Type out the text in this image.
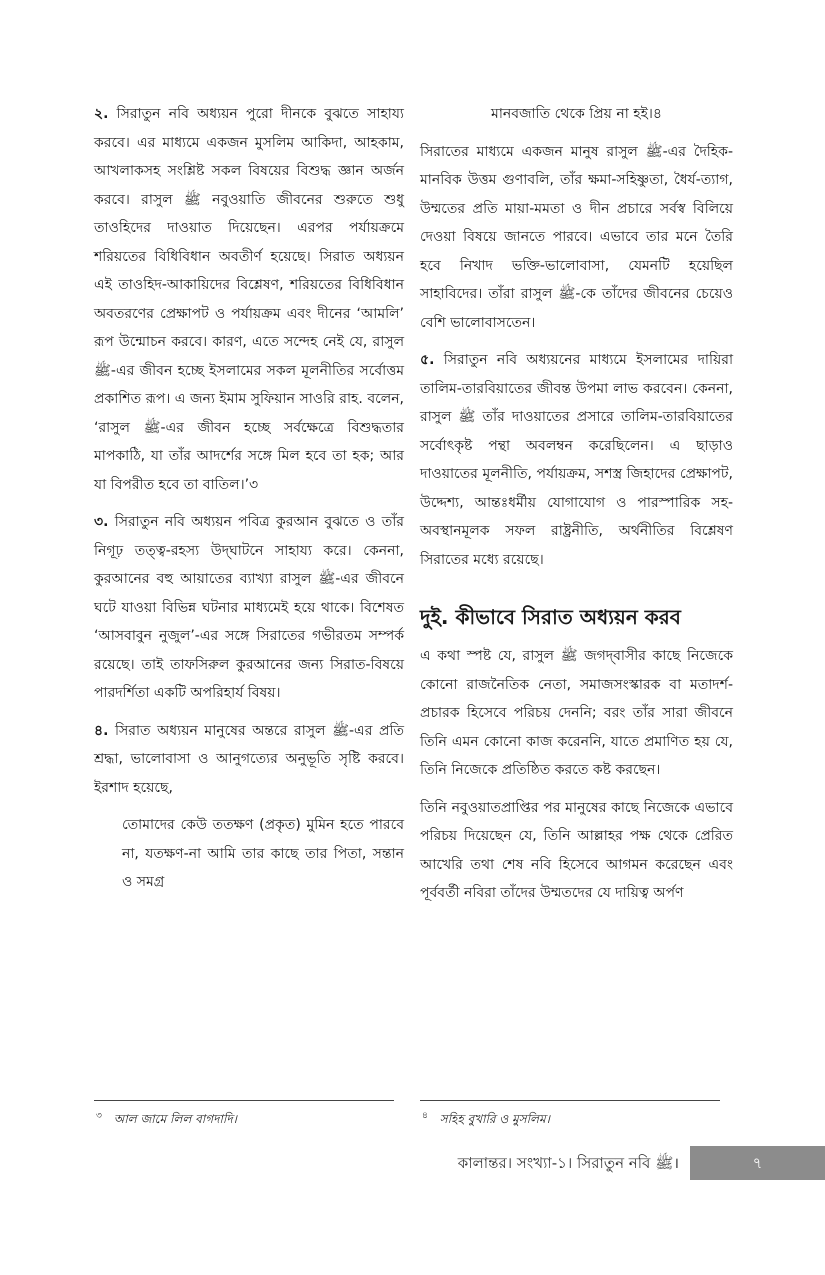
২. সিরাতুন নবি অধ্যয়ন পুরো দীনকে বুঝতে সাহায্য করবে। এর মাধ্যমে একজন মুসলিম আকিদা, আহকাম, আখলাকসহ সংশ্লিষ্ট সকল বিষয়ের বিশুদ্ধ জ্ঞান অর্জন করবে। রাসুল ﷺ নবুওয়াতি জীবনের শুরুতে শুধু তাওহিদের দাওয়াত দিয়েছেন। এরপর পর্যায়ক্রমে শরিয়তের বিধিবিধান অবতীর্ণ হয়েছে। সিরাত অধ্যয়ন এই তাওহিদ-আকায়িদের বিশ্লেষণ, শরিয়তের বিধিবিধান অবতরণের প্রেক্ষাপট ও পর্যায়ক্রম এবং দীনের ‘আমলি’ রূপ উন্মোচন করবে। কারণ, এতে সন্দেহ নেই যে, রাসুল ﷺ-এর জীবন হচ্ছে ইসলামের সকল মূলনীতির সর্বোত্তম প্রকাশিত রূপ। এ জন্য ইমাম সুফিয়ান সাওরি রাহ. বলেন, ‘রাসুল ﷺ-এর জীবন হচ্ছে সর্বক্ষেত্রে বিশুদ্ধতার মাপকাঠি, যা তাঁর আদর্শের সঙ্গে মিল হবে তা হক; আর যা বিপরীত হবে তা বাতিল।’৩

৩. সিরাতুন নবি অধ্যয়ন পবিত্র কুরআন বুঝতে ও তাঁর নিগূঢ় তত্ত্ব-রহস্য উদ্‌ঘাটনে সাহায্য করে। কেননা, কুরআনের বহু আয়াতের ব্যাখ্যা রাসুল ﷺ-এর জীবনে ঘটে যাওয়া বিভিন্ন ঘটনার মাধ্যমেই হয়ে থাকে। বিশেষত ‘আসবাবুন নুজুল’-এর সঙ্গে সিরাতের গভীরতম সম্পর্ক রয়েছে। তাই তাফসিরুল কুরআনের জন্য সিরাত-বিষয়ে পারদর্শিতা একটি অপরিহার্য বিষয়।

৪. সিরাত অধ্যয়ন মানুষের অন্তরে রাসুল ﷺ-এর প্রতি শ্রদ্ধা, ভালোবাসা ও আনুগত্যের অনুভূতি সৃষ্টি করবে। ইরশাদ হয়েছে,

তোমাদের কেউ ততক্ষণ (প্রকৃত) মুমিন হতে পারবে না, যতক্ষণ-না আমি তার কাছে তার পিতা, সন্তান ও সমগ্র

মানবজাতি থেকে প্রিয় না হই।৪

সিরাতের মাধ্যমে একজন মানুষ রাসুল ﷺ-এর দৈহিক-মানবিক উত্তম গুণাবলি, তাঁর ক্ষমা-সহিষ্ণুতা, ধৈর্য-ত্যাগ, উম্মতের প্রতি মায়া-মমতা ও দীন প্রচারে সর্বস্ব বিলিয়ে দেওয়া বিষয়ে জানতে পারবে। এভাবে তার মনে তৈরি হবে নিখাদ ভক্তি-ভালোবাসা, যেমনটি হয়েছিল সাহাবিদের। তাঁরা রাসুল ﷺ-কে তাঁদের জীবনের চেয়েও বেশি ভালোবাসতেন।

৫. সিরাতুন নবি অধ্যয়নের মাধ্যমে ইসলামের দায়িরা তালিম-তারবিয়াতের জীবন্ত উপমা লাভ করবেন। কেননা, রাসুল ﷺ তাঁর দাওয়াতের প্রসারে তালিম-তারবিয়াতের সর্বোৎকৃষ্ট পন্থা অবলম্বন করেছিলেন। এ ছাড়াও দাওয়াতের মূলনীতি, পর্যায়ক্রম, সশস্ত্র জিহাদের প্রেক্ষাপট, উদ্দেশ্য, আন্তঃধর্মীয় যোগাযোগ ও পারস্পারিক সহ-অবস্থানমূলক সফল রাষ্ট্রনীতি, অর্থনীতির বিশ্লেষণ সিরাতের মধ্যে রয়েছে।

দুই. কীভাবে সিরাত অধ্যয়ন করব

এ কথা স্পষ্ট যে, রাসুল ﷺ জগদ্‌বাসীর কাছে নিজেকে কোনো রাজনৈতিক নেতা, সমাজসংস্কারক বা মতাদর্শ-প্রচারক হিসেবে পরিচয় দেননি; বরং তাঁর সারা জীবনে তিনি এমন কোনো কাজ করেননি, যাতে প্রমাণিত হয় যে, তিনি নিজেকে প্রতিষ্ঠিত করতে কষ্ট করছেন।

তিনি নবুওয়াতপ্রাপ্তির পর মানুষের কাছে নিজেকে এভাবে পরিচয় দিয়েছেন যে, তিনি আল্লাহর পক্ষ থেকে প্রেরিত আখেরি তথা শেষ নবি হিসেবে আগমন করেছেন এবং পূর্ববর্তী নবিরা তাঁদের উম্মতদের যে দায়িত্ব অর্পণ

$^৩$ আল জামে লিল বাগদাদি।	$^৪$ সহিহ বুখারি ও মুসলিম।
কালান্তর। সংখ্যা-১। সিরাতুন নবি ﷺ।	৭
